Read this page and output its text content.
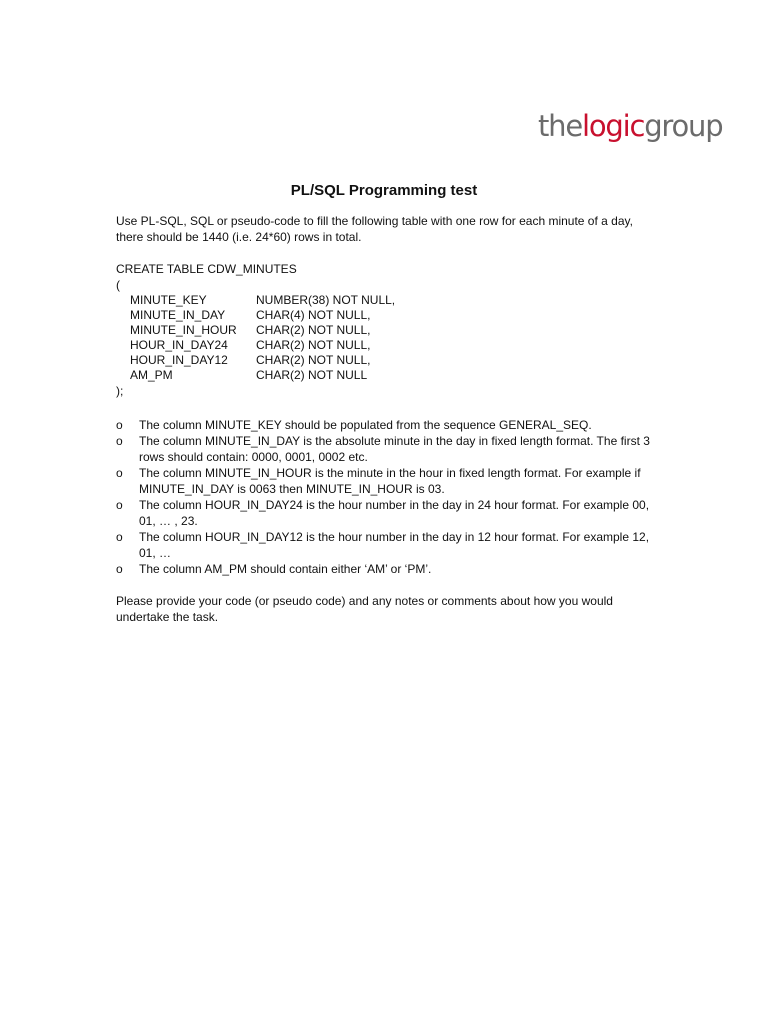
thelogicgroup
PL/SQL Programming test

Use PL-SQL, SQL or pseudo-code to fill the following table with one row for each minute of a day, there should be 1440 (i.e. 24*60) rows in total.

CREATE TABLE CDW_MINUTES
(
MINUTE_KEY	NUMBER(38) NOT NULL,
MINUTE_IN_DAY	CHAR(4) NOT NULL,
MINUTE_IN_HOUR	CHAR(2) NOT NULL,
HOUR_IN_DAY24	CHAR(2) NOT NULL,
HOUR_IN_DAY12	CHAR(2) NOT NULL,
AM_PM	CHAR(2) NOT NULL
);
o The column MINUTE_KEY should be populated from the sequence GENERAL_SEQ.
o The column MINUTE_IN_DAY is the absolute minute in the day in fixed length format. The first 3 rows should contain: 0000, 0001, 0002 etc.
o The column MINUTE_IN_HOUR is the minute in the hour in fixed length format. For example if MINUTE_IN_DAY is 0063 then MINUTE_IN_HOUR is 03.
o The column HOUR_IN_DAY24 is the hour number in the day in 24 hour format. For example 00, 01, … , 23.
o The column HOUR_IN_DAY12 is the hour number in the day in 12 hour format. For example 12, 01, …
o The column AM_PM should contain either ‘AM’ or ‘PM’.

Please provide your code (or pseudo code) and any notes or comments about how you would undertake the task.
